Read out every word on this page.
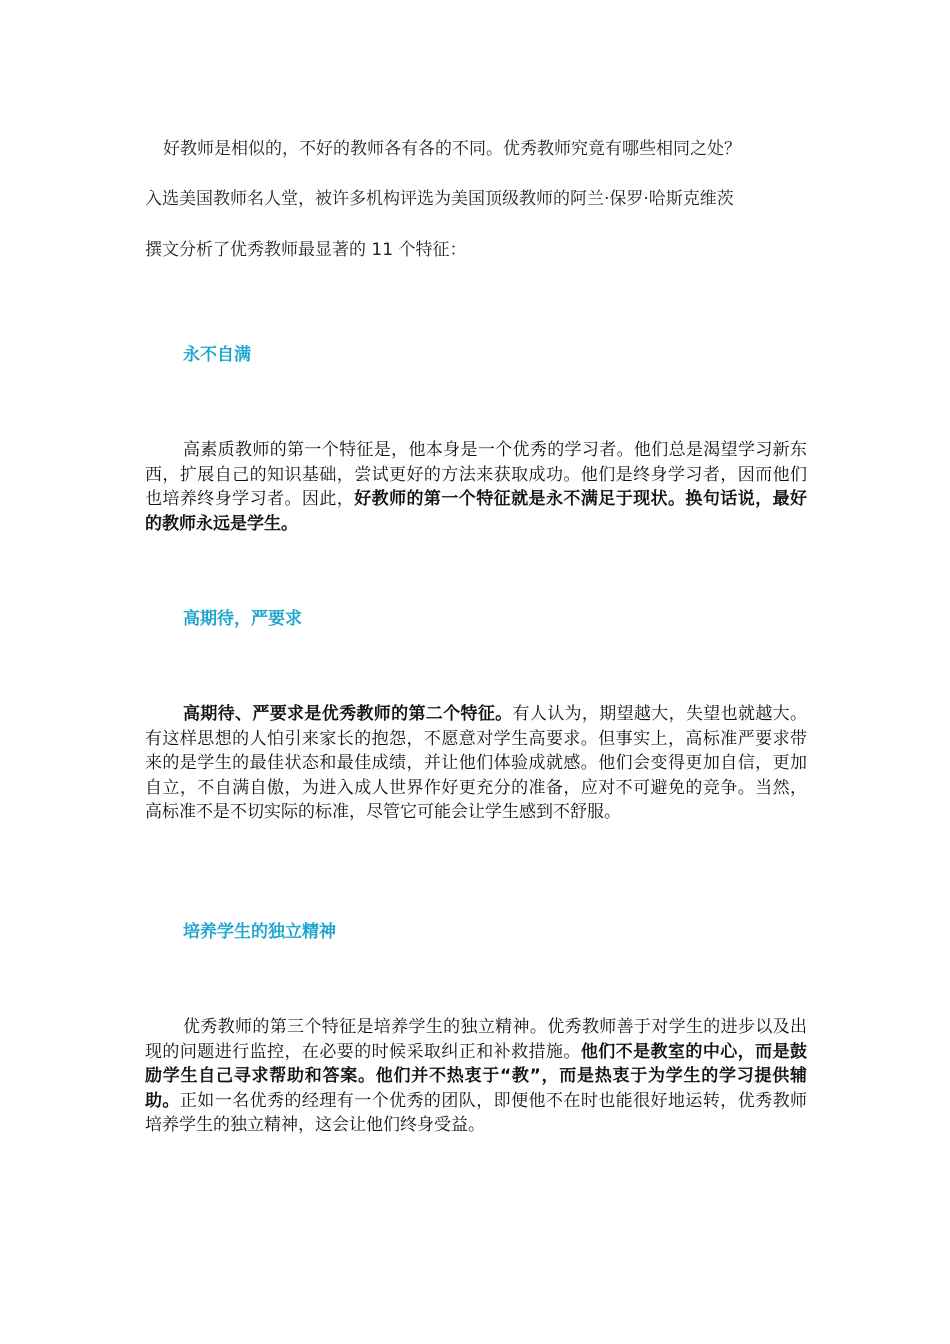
好教师是相似的，不好的教师各有各的不同。优秀教师究竟有哪些相同之处？
入选美国教师名人堂，被许多机构评选为美国顶级教师的阿兰·保罗·哈斯克维茨
撰文分析了优秀教师最显著的 11 个特征：
永不自满
高素质教师的第一个特征是，他本身是一个优秀的学习者。他们总是渴望学习新东西，扩展自己的知识基础，尝试更好的方法来获取成功。他们是终身学习者，因而他们也培养终身学习者。因此，好教师的第一个特征就是永不满足于现状。换句话说，最好的教师永远是学生。
高期待，严要求
高期待、严要求是优秀教师的第二个特征。有人认为，期望越大，失望也就越大。有这样思想的人怕引来家长的抱怨，不愿意对学生高要求。但事实上，高标准严要求带来的是学生的最佳状态和最佳成绩，并让他们体验成就感。他们会变得更加自信，更加自立，不自满自傲，为进入成人世界作好更充分的准备，应对不可避免的竞争。当然，高标准不是不切实际的标准，尽管它可能会让学生感到不舒服。
培养学生的独立精神
优秀教师的第三个特征是培养学生的独立精神。优秀教师善于对学生的进步以及出现的问题进行监控，在必要的时候采取纠正和补救措施。他们不是教室的中心，而是鼓励学生自己寻求帮助和答案。他们并不热衷于“教”，而是热衷于为学生的学习提供辅助。正如一名优秀的经理有一个优秀的团队，即便他不在时也能很好地运转，优秀教师培养学生的独立精神，这会让他们终身受益。
